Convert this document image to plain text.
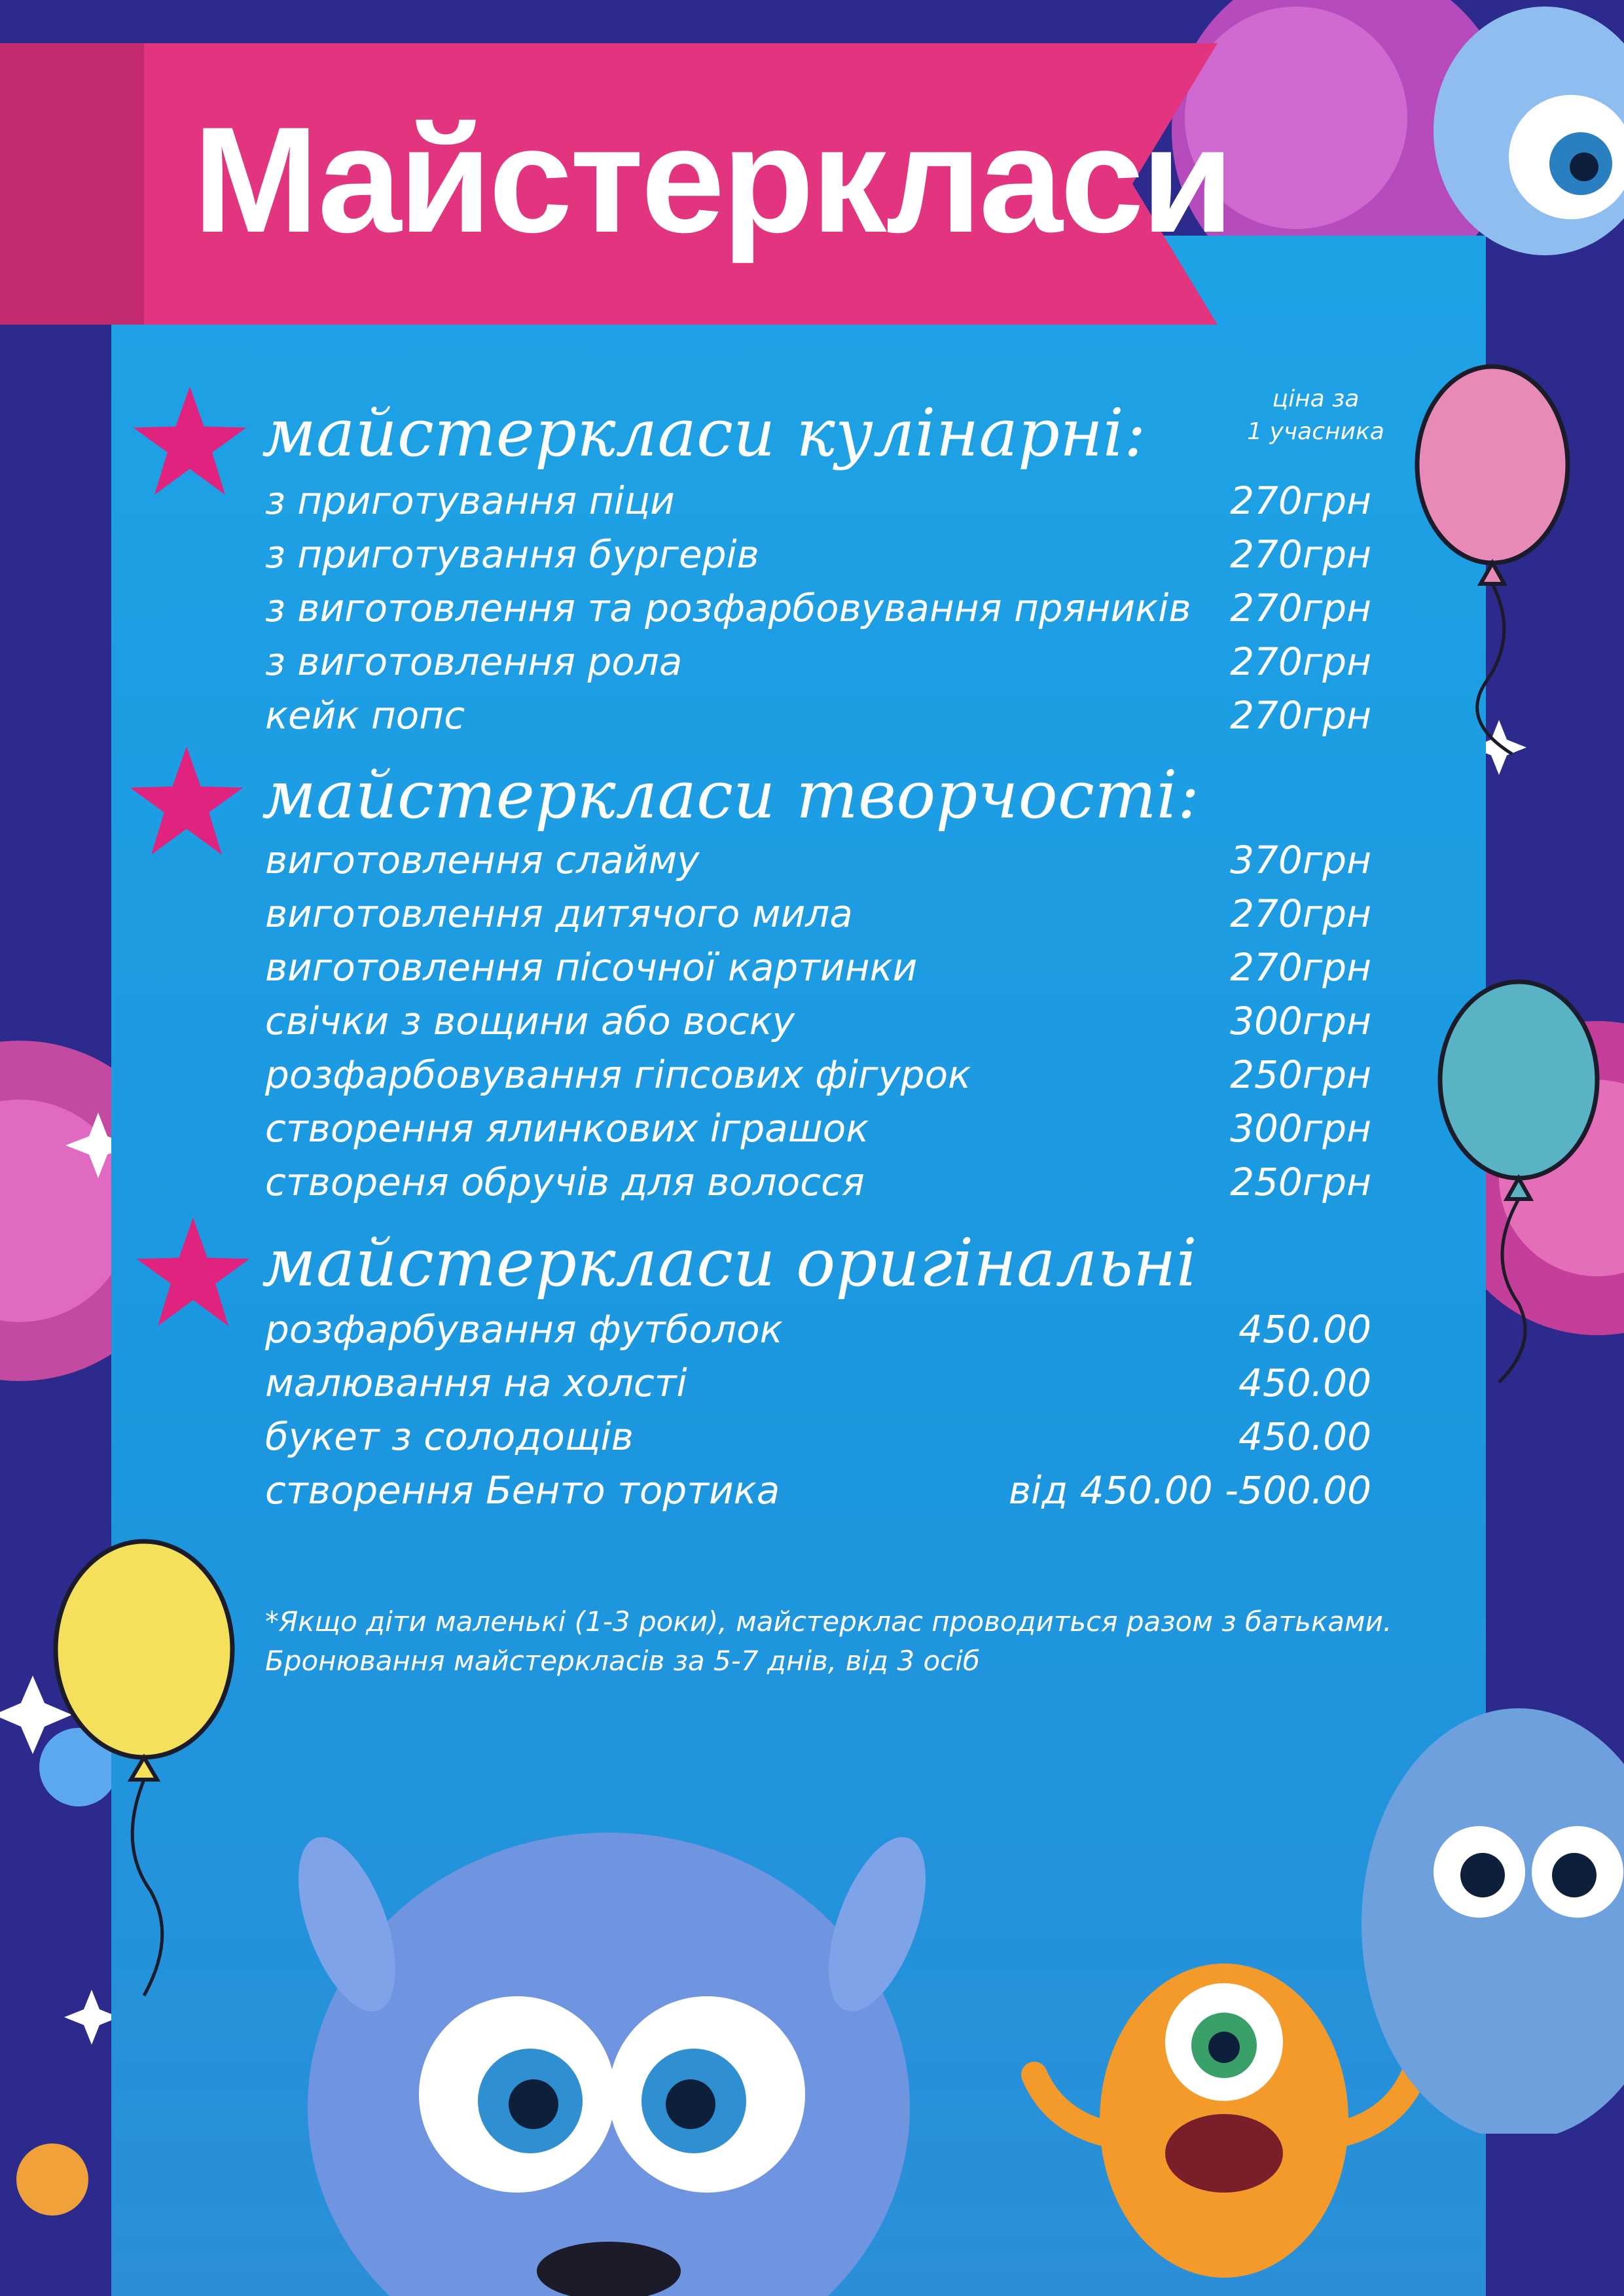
Майстеркласи
майстеркласи кулінарні:	ціна за
1 учасника
з приготування піци	270грн
з приготування бургерів	270грн
з виготовлення та розфарбовування пряників 270грн
з виготовлення рола	270грн
кейк попс	270грн
майстеркласи творчості:
виготовлення слайму	370грн
виготовлення дитячого мила	270грн
виготовлення пісочної картинки	270грн
свічки з вощини або воску	300грн
розфарбовування гіпсових фігурок	250грн
створення ялинкових іграшок	300грн
створеня обручів для волосся	250грн
майстеркласи оригінальні
розфарбування футболок	450.00
малювання на холсті	450.00
букет з солодощів	450.00
створення Бенто тортика	від 450.00 -500.00
*Якщо діти маленькі (1-3 роки), майстерклас проводиться разом з батьками.
Бронювання майстеркласів за 5-7 днів, від 3 осіб
